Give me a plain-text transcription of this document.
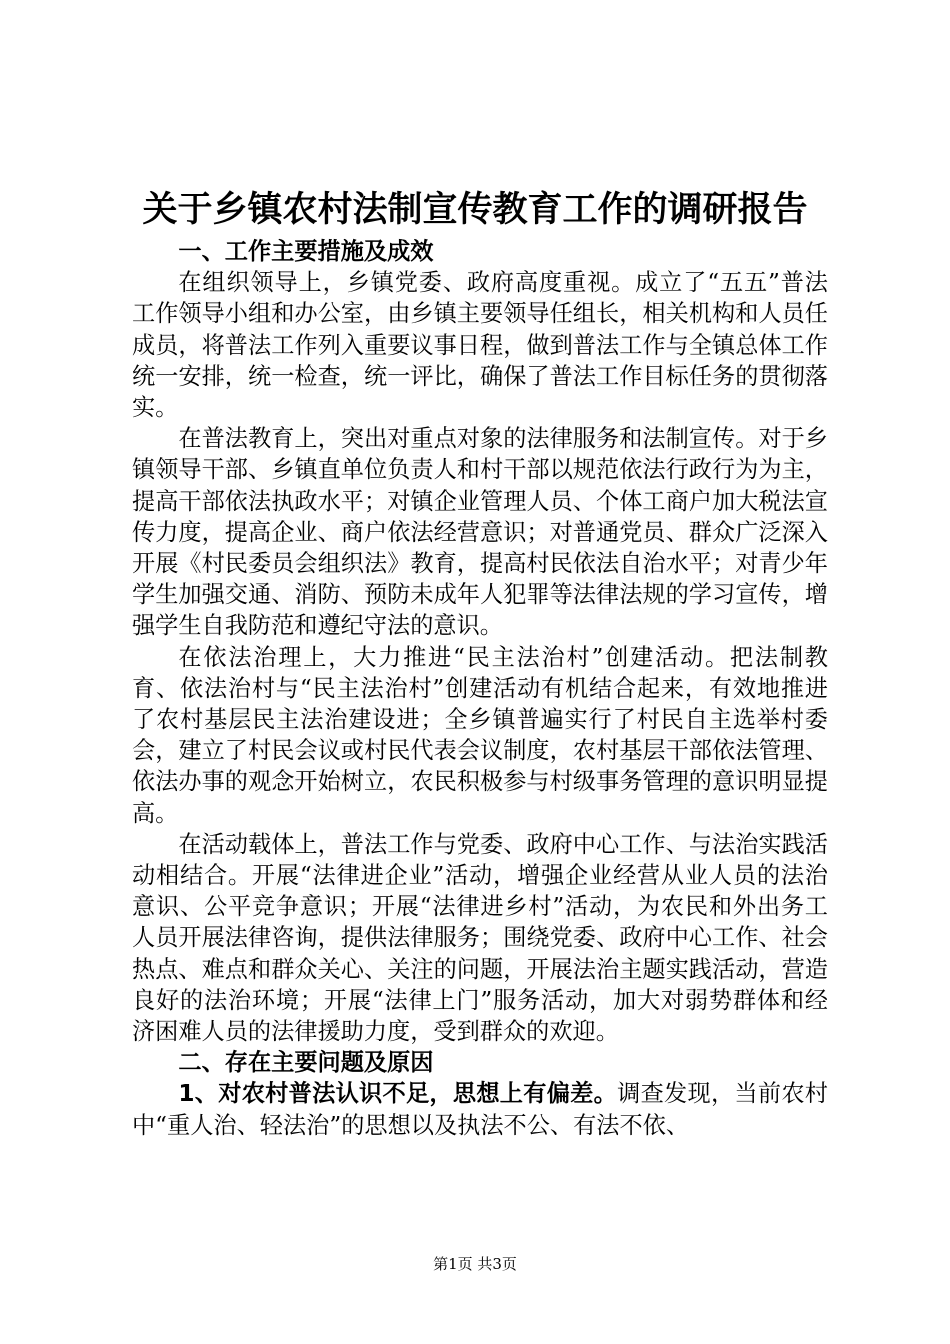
关于乡镇农村法制宣传教育工作的调研报告

一、工作主要措施及成效

在组织领导上，乡镇党委、政府高度重视。成立了“五五”普法工作领导小组和办公室，由乡镇主要领导任组长，相关机构和人员任成员，将普法工作列入重要议事日程，做到普法工作与全镇总体工作统一安排，统一检查，统一评比，确保了普法工作目标任务的贯彻落实。

在普法教育上，突出对重点对象的法律服务和法制宣传。对于乡镇领导干部、乡镇直单位负责人和村干部以规范依法行政行为为主，提高干部依法执政水平；对镇企业管理人员、个体工商户加大税法宣传力度，提高企业、商户依法经营意识；对普通党员、群众广泛深入开展《村民委员会组织法》教育，提高村民依法自治水平；对青少年学生加强交通、消防、预防未成年人犯罪等法律法规的学习宣传，增强学生自我防范和遵纪守法的意识。

在依法治理上，大力推进“民主法治村”创建活动。把法制教育、依法治村与“民主法治村”创建活动有机结合起来，有效地推进了农村基层民主法治建设进；全乡镇普遍实行了村民自主选举村委会，建立了村民会议或村民代表会议制度，农村基层干部依法管理、依法办事的观念开始树立，农民积极参与村级事务管理的意识明显提高。

在活动载体上，普法工作与党委、政府中心工作、与法治实践活动相结合。开展“法律进企业”活动，增强企业经营从业人员的法治意识、公平竞争意识；开展“法律进乡村”活动，为农民和外出务工人员开展法律咨询，提供法律服务；围绕党委、政府中心工作、社会热点、难点和群众关心、关注的问题，开展法治主题实践活动，营造良好的法治环境；开展“法律上门”服务活动，加大对弱势群体和经济困难人员的法律援助力度，受到群众的欢迎。

二、存在主要问题及原因

1、对农村普法认识不足，思想上有偏差。调查发现，当前农村中“重人治、轻法治”的思想以及执法不公、有法不依、

第1页 共3页
